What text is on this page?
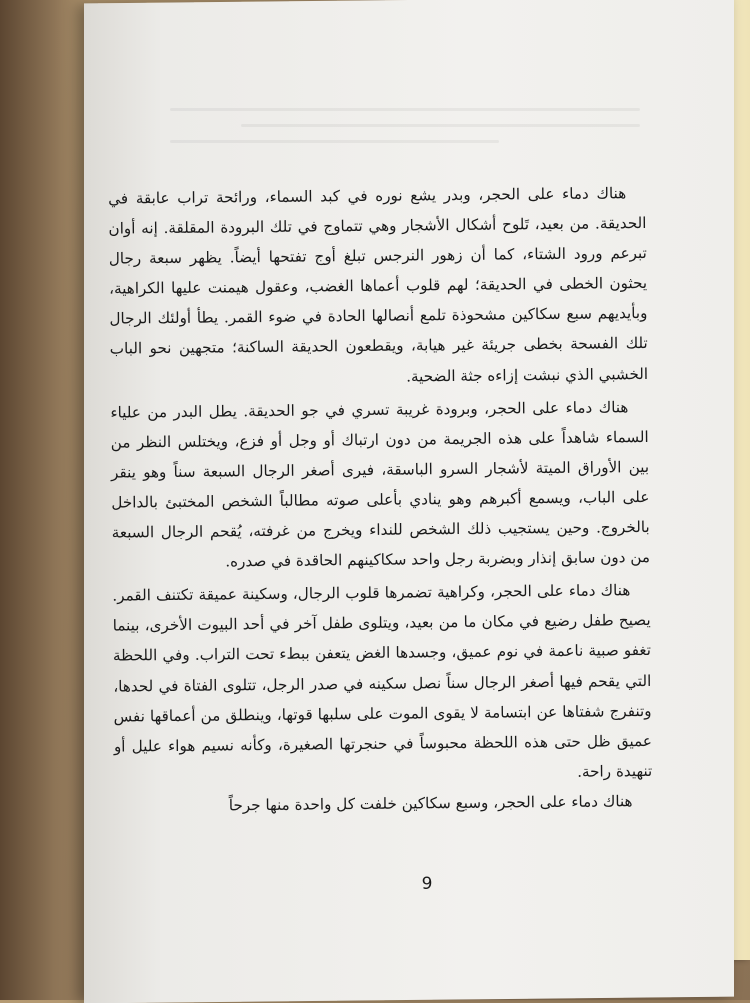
هناك دماء على الحجر، وبدر يشع نوره في كبد السماء، ورائحة تراب عابقة في الحديقة. من بعيد، تَلوح أشكال الأشجار وهي تتماوج في تلك البرودة المقلقة. إنه أوان تبرعم ورود الشتاء، كما أن زهور النرجس تبلغ أوج تفتحها أيضاً. يظهر سبعة رجال يحثون الخطى في الحديقة؛ لهم قلوب أعماها الغضب، وعقول هيمنت عليها الكراهية، وبأيديهم سبع سكاكين مشحوذة تلمع أنصالها الحادة في ضوء القمر. يطأ أولئك الرجال تلك الفسحة بخطى جريئة غير هيابة، ويقطعون الحديقة الساكنة؛ متجهين نحو الباب الخشبي الذي نبشت إزاءه جثة الضحية.

هناك دماء على الحجر، وبرودة غريبة تسري في جو الحديقة. يطل البدر من علياء السماء شاهداً على هذه الجريمة من دون ارتباك أو وجل أو فزع، ويختلس النظر من بين الأوراق الميتة لأشجار السرو الباسقة، فيرى أصغر الرجال السبعة سناً وهو ينقر على الباب، ويسمع أكبرهم وهو ينادي بأعلى صوته مطالباً الشخص المختبئ بالداخل بالخروج. وحين يستجيب ذلك الشخص للنداء ويخرج من غرفته، يُقحم الرجال السبعة من دون سابق إنذار وبضربة رجل واحد سكاكينهم الحاقدة في صدره.

هناك دماء على الحجر، وكراهية تضمرها قلوب الرجال، وسكينة عميقة تكتنف القمر. يصيح طفل رضيع في مكان ما من بعيد، ويتلوى طفل آخر في أحد البيوت الأخرى، بينما تغفو صبية ناعمة في نوم عميق، وجسدها الغض يتعفن ببطء تحت التراب. وفي اللحظة التي يقحم فيها أصغر الرجال سناً نصل سكينه في صدر الرجل، تتلوى الفتاة في لحدها، وتنفرج شفتاها عن ابتسامة لا يقوى الموت على سلبها قوتها، وينطلق من أعماقها نفس عميق ظل حتى هذه اللحظة محبوساً في حنجرتها الصغيرة، وكأنه نسيم هواء عليل أو تنهيدة راحة.

هناك دماء على الحجر، وسبع سكاكين خلفت كل واحدة منها جرحاً

9
